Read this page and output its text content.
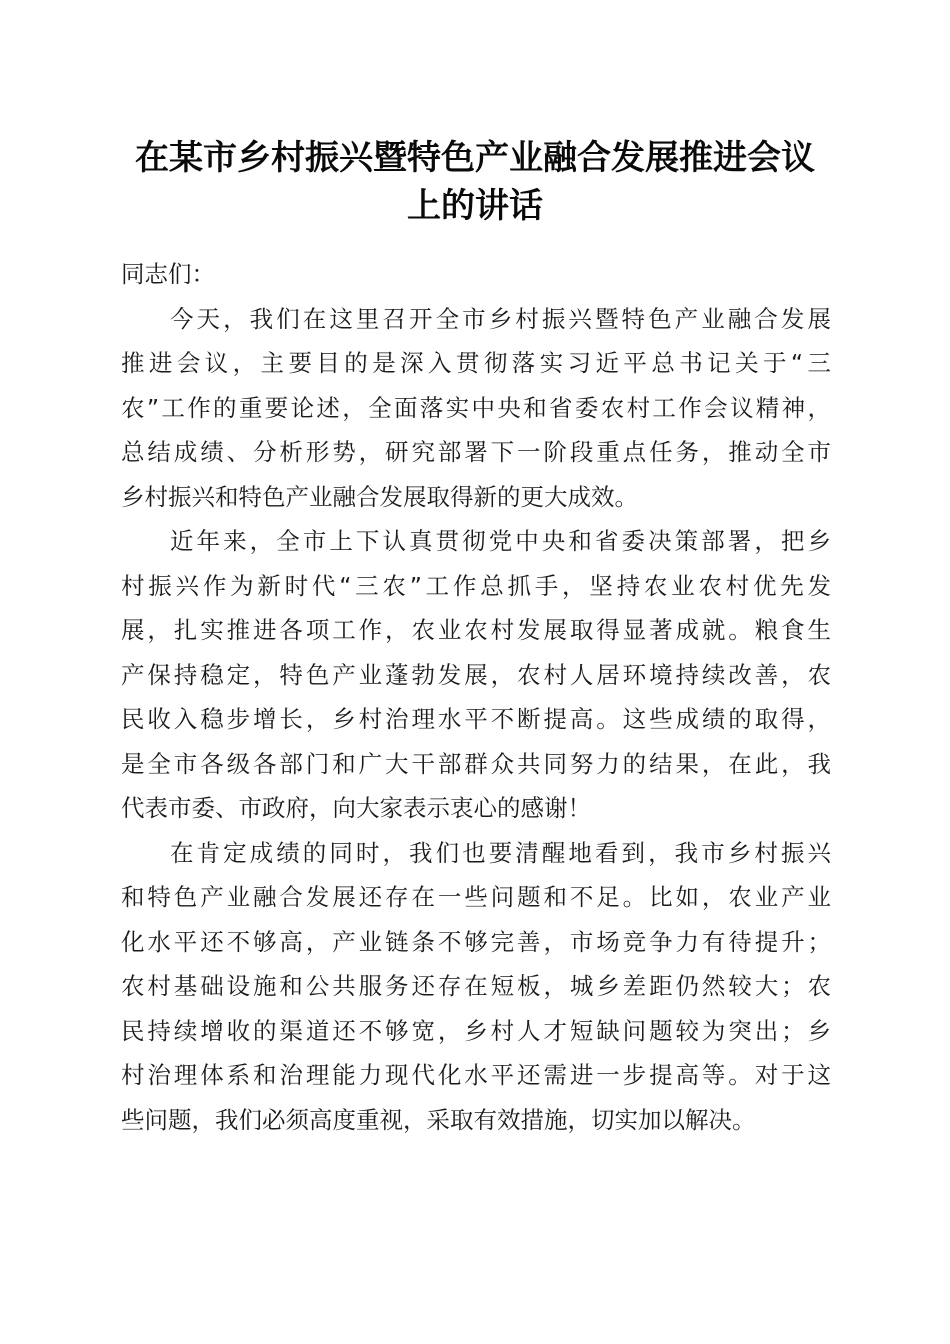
在某市乡村振兴暨特色产业融合发展推进会议
上的讲话

同志们：

今天，我们在这里召开全市乡村振兴暨特色产业融合发展
推进会议，主要目的是深入贯彻落实习近平总书记关于“三
农”工作的重要论述，全面落实中央和省委农村工作会议精神，
总结成绩、分析形势，研究部署下一阶段重点任务，推动全市
乡村振兴和特色产业融合发展取得新的更大成效。

近年来，全市上下认真贯彻党中央和省委决策部署，把乡
村振兴作为新时代“三农”工作总抓手，坚持农业农村优先发
展，扎实推进各项工作，农业农村发展取得显著成就。粮食生
产保持稳定，特色产业蓬勃发展，农村人居环境持续改善，农
民收入稳步增长，乡村治理水平不断提高。这些成绩的取得，
是全市各级各部门和广大干部群众共同努力的结果，在此，我
代表市委、市政府，向大家表示衷心的感谢！

在肯定成绩的同时，我们也要清醒地看到，我市乡村振兴
和特色产业融合发展还存在一些问题和不足。比如，农业产业
化水平还不够高，产业链条不够完善，市场竞争力有待提升；
农村基础设施和公共服务还存在短板，城乡差距仍然较大；农
民持续增收的渠道还不够宽，乡村人才短缺问题较为突出；乡
村治理体系和治理能力现代化水平还需进一步提高等。对于这
些问题，我们必须高度重视，采取有效措施，切实加以解决。
